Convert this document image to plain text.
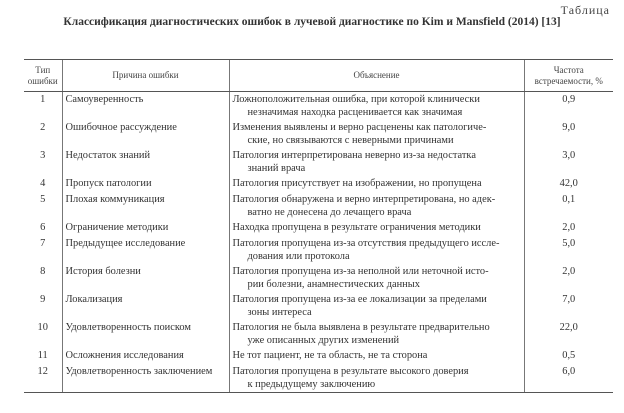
Таблица
Классификация диагностических ошибок в лучевой диагностике по Kim и Mansfield (2014) [13]
Тип ошибки	Причина ошибки	Объяснение	Частота встречаемости, %
1	Самоуверенность	Ложноположительная ошибка, при которой клинически
незначимая находка расценивается как значимая	0,9
2	Ошибочное рассуждение	Изменения выявлены и верно расценены как патологиче-
ские, но связываются с неверными причинами	9,0
3	Недостаток знаний	Патология интерпретирована неверно из-за недостатка
знаний врача	3,0
4	Пропуск патологии	Патология присутствует на изображении, но пропущена	42,0
5	Плохая коммуникация	Патология обнаружена и верно интерпретирована, но адек-
ватно не донесена до лечащего врача	0,1
6	Ограничение методики	Находка пропущена в результате ограничения методики	2,0
7	Предыдущее исследование	Патология пропущена из-за отсутствия предыдущего иссле-
дования или протокола	5,0
8	История болезни	Патология пропущена из-за неполной или неточной исто-
рии болезни, анамнестических данных	2,0
9	Локализация	Патология пропущена из-за ее локализации за пределами
зоны интереса	7,0
10	Удовлетворенность поиском	Патология не была выявлена в результате предварительно
уже описанных других изменений	22,0
11	Осложнения исследования	Не тот пациент, не та область, не та сторона	0,5
12	Удовлетворенность заключением	Патология пропущена в результате высокого доверия
к предыдущему заключению	6,0
